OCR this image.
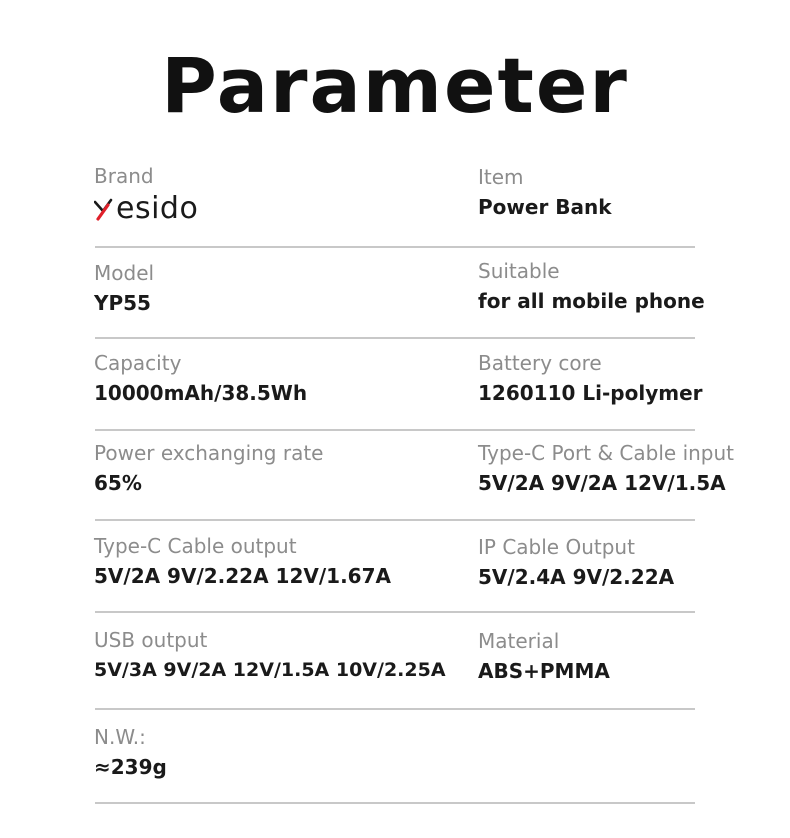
Parameter
Brand
esido
Item
Power Bank
Model
YP55
Suitable
for all mobile phone
Capacity
10000mAh/38.5Wh
Battery core
1260110 Li-polymer
Power exchanging rate
65%
Type-C Port & Cable input
5V/2A 9V/2A 12V/1.5A
Type-C Cable output
5V/2A 9V/2.22A 12V/1.67A
IP Cable Output
5V/2.4A 9V/2.22A
USB output
5V/3A 9V/2A 12V/1.5A 10V/2.25A
Material
ABS+PMMA
N.W.:
≈239g
